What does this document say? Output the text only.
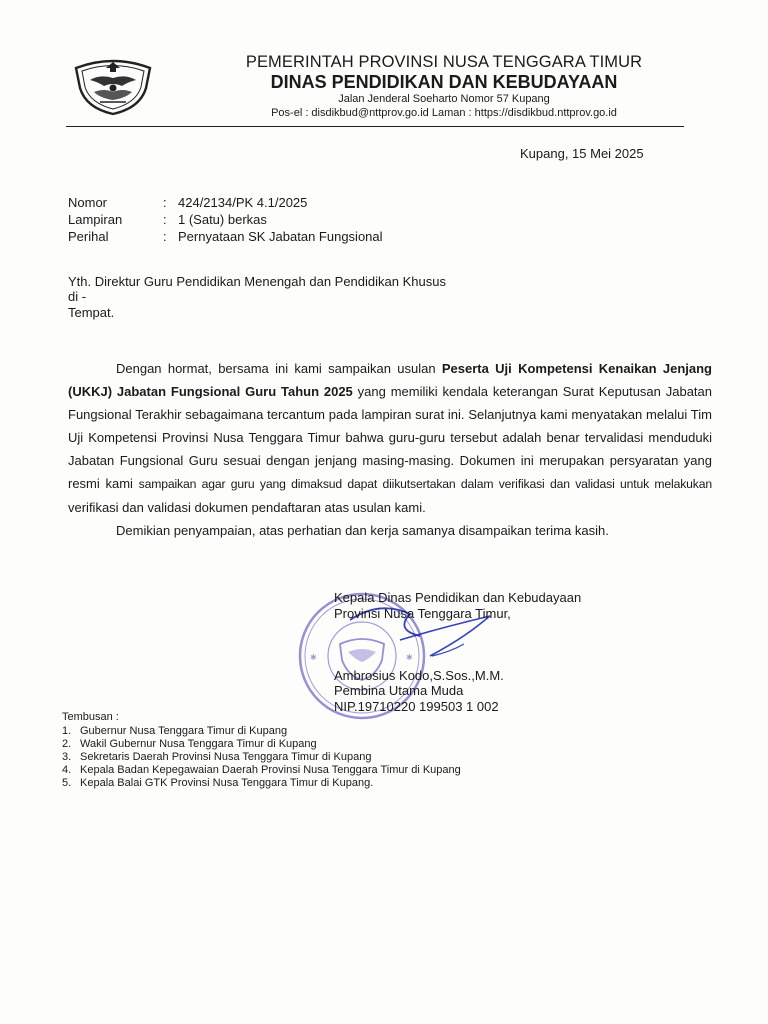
PEMERINTAH PROVINSI NUSA TENGGARA TIMUR
DINAS PENDIDIKAN DAN KEBUDAYAAN
Jalan Jenderal Soeharto Nomor 57 Kupang
Pos-el : disdikbud@nttprov.go.id Laman : https://disdikbud.nttprov.go.id
Kupang, 15 Mei 2025
Nomor	: 424/2134/PK 4.1/2025
Lampiran	: 1 (Satu) berkas
Perihal	: Pernyataan SK Jabatan Fungsional
Yth. Direktur Guru Pendidikan Menengah dan Pendidikan Khusus
di -
Tempat.

Dengan hormat, bersama ini kami sampaikan usulan Peserta Uji Kompetensi Kenaikan Jenjang (UKKJ) Jabatan Fungsional Guru Tahun 2025 yang memiliki kendala keterangan Surat Keputusan Jabatan Fungsional Terakhir sebagaimana tercantum pada lampiran surat ini. Selanjutnya kami menyatakan melalui Tim Uji Kompetensi Provinsi Nusa Tenggara Timur bahwa guru-guru tersebut adalah benar tervalidasi menduduki Jabatan Fungsional Guru sesuai dengan jenjang masing-masing. Dokumen ini merupakan persyaratan yang resmi kami sampaikan agar guru yang dimaksud dapat diikutsertakan dalam verifikasi dan validasi untuk melakukan verifikasi dan validasi dokumen pendaftaran atas usulan kami.

Demikian penyampaian, atas perhatian dan kerja samanya disampaikan terima kasih.

✱	✱
Kepala Dinas Pendidikan dan Kebudayaan
Provinsi Nusa Tenggara Timur,
Ambrosius Kodo,S.Sos.,M.M.
Pembina Utama Muda
NIP.19710220 199503 1 002
Tembusan :
1. Gubernur Nusa Tenggara Timur di Kupang
2. Wakil Gubernur Nusa Tenggara Timur di Kupang
3. Sekretaris Daerah Provinsi Nusa Tenggara Timur di Kupang
4. Kepala Badan Kepegawaian Daerah Provinsi Nusa Tenggara Timur di Kupang
5. Kepala Balai GTK Provinsi Nusa Tenggara Timur di Kupang.
